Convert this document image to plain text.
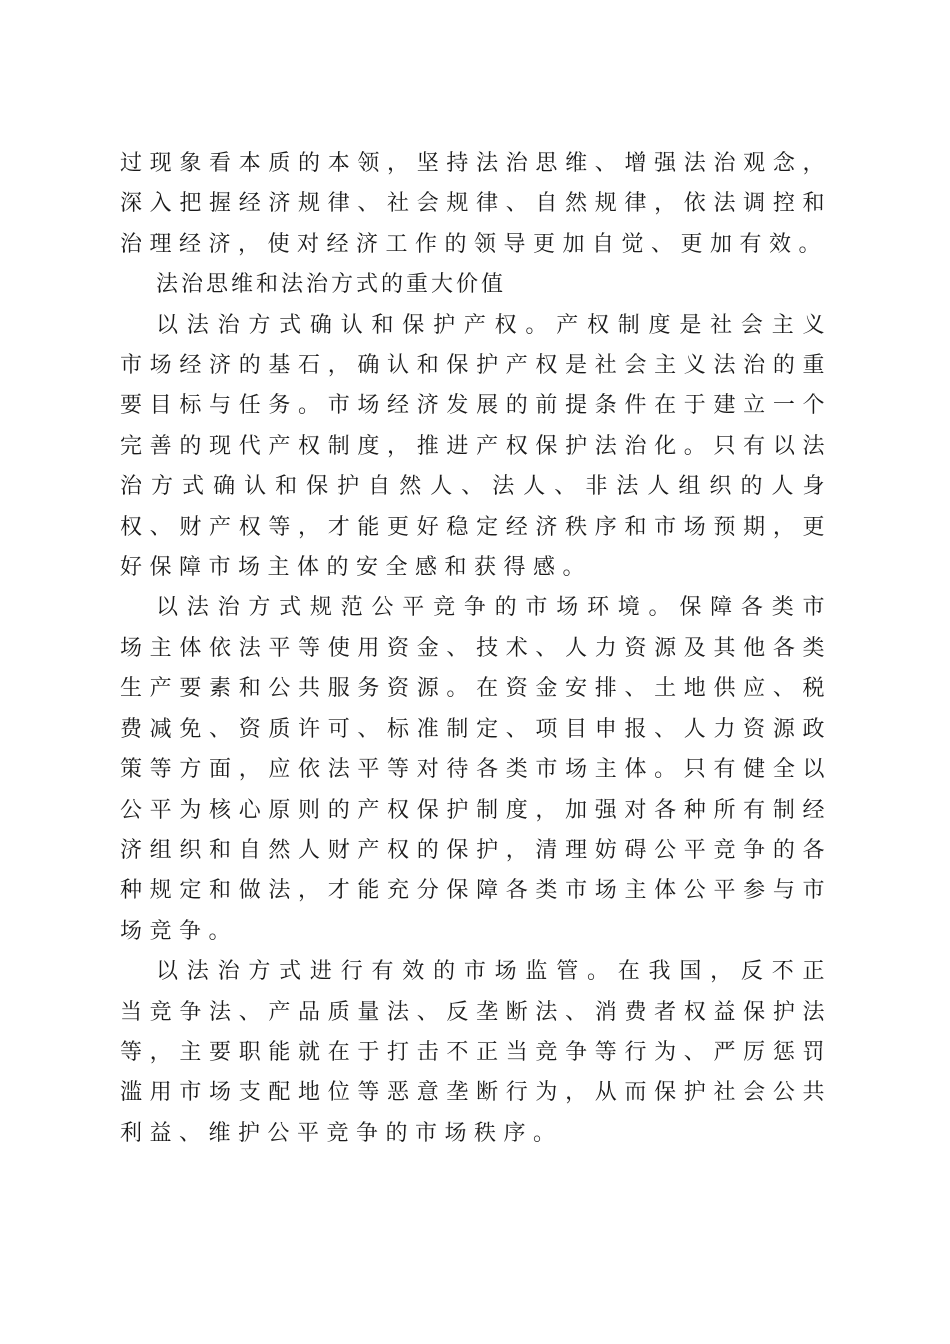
过现象看本质的本领，坚持法治思维、增强法治观念，深入把握经济规律、社会规律、自然规律，依法调控和治理经济，使对经济工作的领导更加自觉、更加有效。

法治思维和法治方式的重大价值

以法治方式确认和保护产权。产权制度是社会主义市场经济的基石，确认和保护产权是社会主义法治的重要目标与任务。市场经济发展的前提条件在于建立一个完善的现代产权制度，推进产权保护法治化。只有以法治方式确认和保护自然人、法人、非法人组织的人身权、财产权等，才能更好稳定经济秩序和市场预期，更好保障市场主体的安全感和获得感。

以法治方式规范公平竞争的市场环境。保障各类市场主体依法平等使用资金、技术、人力资源及其他各类生产要素和公共服务资源。在资金安排、土地供应、税费减免、资质许可、标准制定、项目申报、人力资源政策等方面，应依法平等对待各类市场主体。只有健全以公平为核心原则的产权保护制度，加强对各种所有制经济组织和自然人财产权的保护，清理妨碍公平竞争的各种规定和做法，才能充分保障各类市场主体公平参与市场竞争。

以法治方式进行有效的市场监管。在我国，反不正当竞争法、产品质量法、反垄断法、消费者权益保护法等，主要职能就在于打击不正当竞争等行为、严厉惩罚滥用市场支配地位等恶意垄断行为，从而保护社会公共利益、维护公平竞争的市场秩序。
